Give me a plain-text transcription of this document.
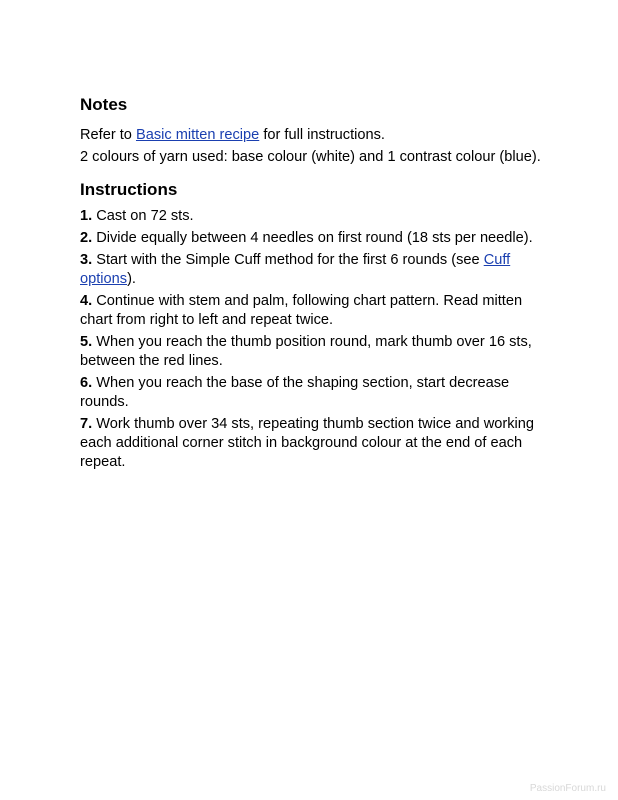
Notes

Refer to Basic mitten recipe for full instructions.

2 colours of yarn used: base colour (white) and 1 contrast colour (blue).

Instructions

1. Cast on 72 sts.

2. Divide equally between 4 needles on first round (18 sts per needle).

3. Start with the Simple Cuff method for the first 6 rounds (see Cuff options).

4. Continue with stem and palm, following chart pattern. Read mitten chart from right to left and repeat twice.

5. When you reach the thumb position round, mark thumb over 16 sts, between the red lines.

6. When you reach the base of the shaping section, start decrease rounds.

7. Work thumb over 34 sts, repeating thumb section twice and working each additional corner stitch in background colour at the end of each repeat.

PassionForum.ru
